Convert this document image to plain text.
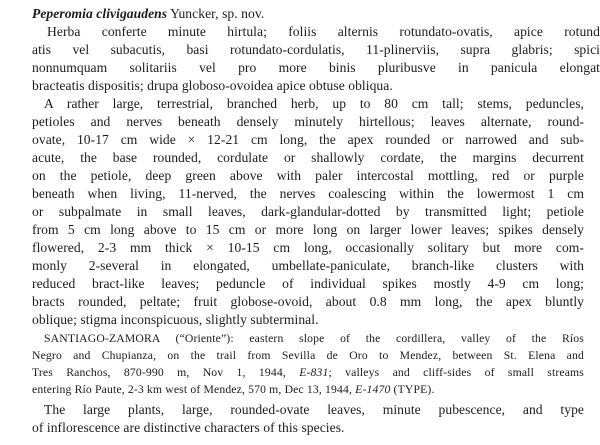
Peperomia clivigaudens Yuncker, sp. nov.
Herba conferte minute hirtula; foliis alternis rotundato-ovatis, apice rotund
atis vel subacutis, basi rotundato-cordulatis, 11-plinerviis, supra glabris; spici
nonnumquam solitariis vel pro more binis pluribusve in panicula elongat
bracteatis dispositis; drupa globoso-ovoidea apice obtuse obliqua.
A rather large, terrestrial, branched herb, up to 80 cm tall; stems, peduncles,
petioles and nerves beneath densely minutely hirtellous; leaves alternate, round-
ovate, 10-17 cm wide × 12-21 cm long, the apex rounded or narrowed and sub-
acute, the base rounded, cordulate or shallowly cordate, the margins decurrent
on the petiole, deep green above with paler intercostal mottling, red or purple
beneath when living, 11-nerved, the nerves coalescing within the lowermost 1 cm
or subpalmate in small leaves, dark-glandular-dotted by transmitted light; petiole
from 5 cm long above to 15 cm or more long on larger lower leaves; spikes densely
flowered, 2-3 mm thick × 10-15 cm long, occasionally solitary but more com-
monly 2-several in elongated, umbellate-paniculate, branch-like clusters with
reduced bract-like leaves; peduncle of individual spikes mostly 4-9 cm long;
bracts rounded, peltate; fruit globose-ovoid, about 0.8 mm long, the apex bluntly
oblique; stigma inconspicuous, slightly subterminal.
SANTIAGO-ZAMORA (“Oriente”): eastern slope of the cordillera, valley of the Ríos
Negro and Chupianza, on the trail from Sevilla de Oro to Mendez, between St. Elena and
Tres Ranchos, 870-990 m, Nov 1, 1944, E-831; valleys and cliff-sides of small streams
entering Río Paute, 2-3 km west of Mendez, 570 m, Dec 13, 1944, E-1470 (TYPE).
The large plants, large, rounded-ovate leaves, minute pubescence, and type
of inflorescence are distinctive characters of this species.
